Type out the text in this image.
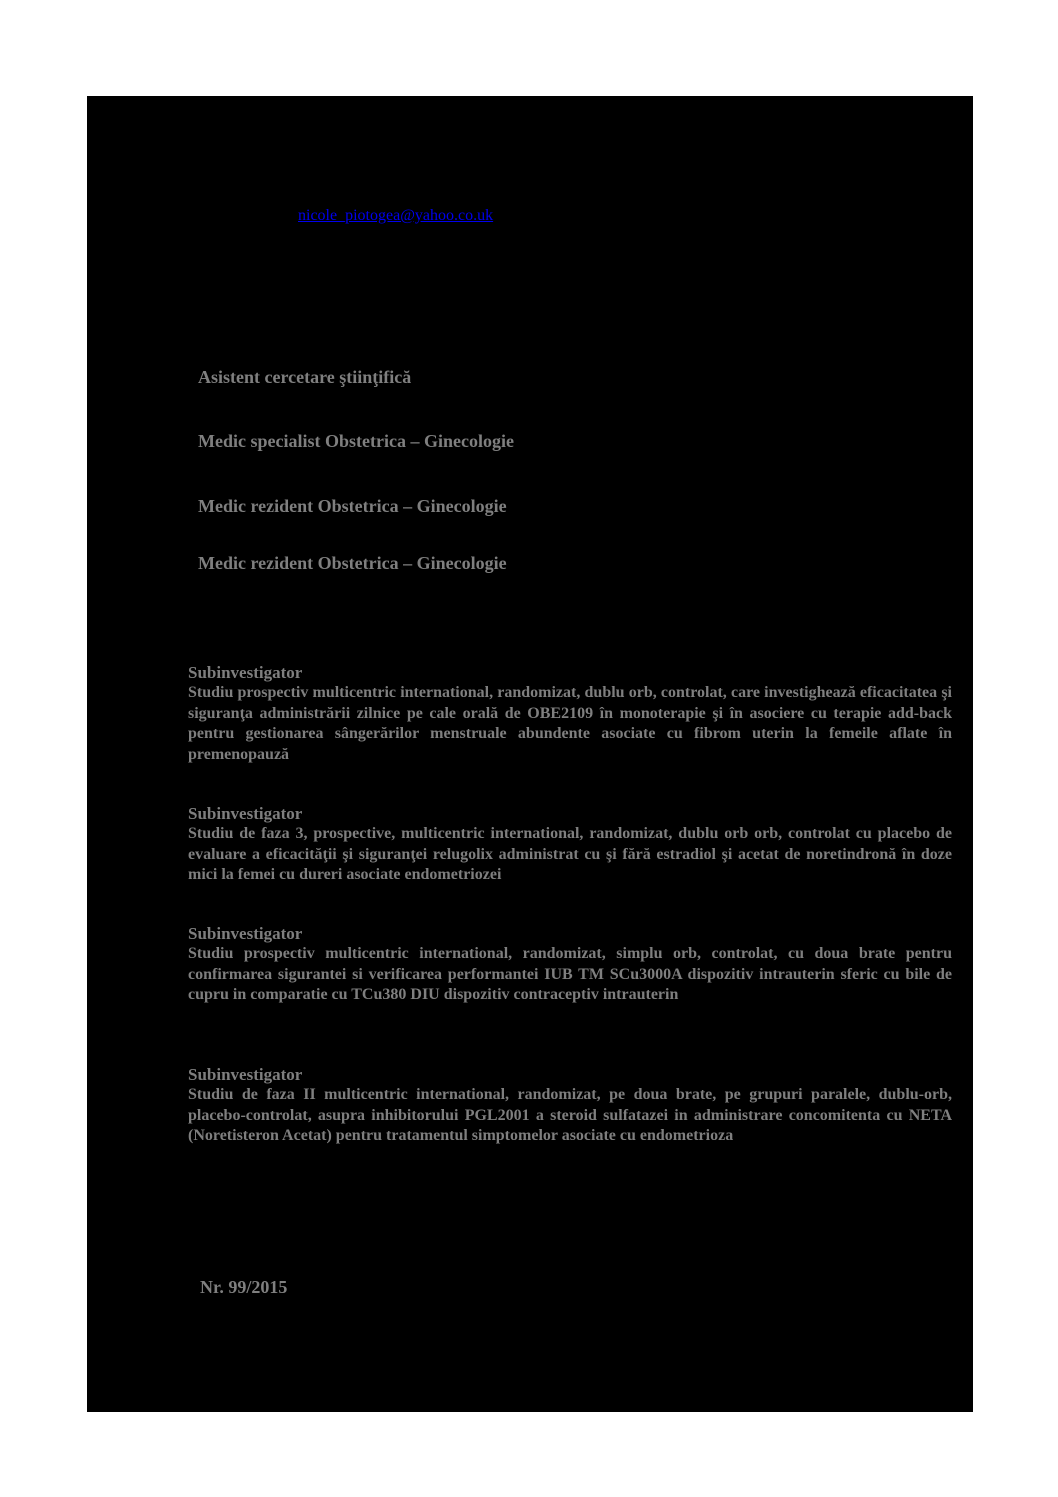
nicole_piotogea@yahoo.co.uk
Asistent cercetare ştiinţifică
Medic specialist Obstetrica – Ginecologie
Medic rezident Obstetrica – Ginecologie
Medic rezident Obstetrica – Ginecologie
Subinvestigator
Studiu prospectiv multicentric international, randomizat, dublu orb, controlat, care investighează eficacitatea şi siguranţa administrării zilnice pe cale orală de OBE2109 în monoterapie şi în asociere cu terapie add-back pentru gestionarea sângerărilor menstruale abundente asociate cu fibrom uterin la femeile aflate în premenopauză
Subinvestigator
Studiu de faza 3, prospective, multicentric international, randomizat, dublu orb orb, controlat cu placebo de evaluare a eficacităţii şi siguranţei relugolix administrat cu şi fără estradiol şi acetat de noretindronă în doze mici la femei cu dureri asociate endometriozei
Subinvestigator
Studiu prospectiv multicentric international, randomizat, simplu orb, controlat, cu doua brate pentru confirmarea sigurantei si verificarea performantei IUB TM SCu3000A dispozitiv intrauterin sferic cu bile de cupru in comparatie cu TCu380 DIU dispozitiv contraceptiv intrauterin
Subinvestigator
Studiu de faza II multicentric international, randomizat, pe doua brate, pe grupuri paralele, dublu-orb, placebo-controlat, asupra inhibitorului PGL2001 a steroid sulfatazei in administrare concomitenta cu NETA (Noretisteron Acetat) pentru tratamentul simptomelor asociate cu endometrioza
Nr. 99/2015
